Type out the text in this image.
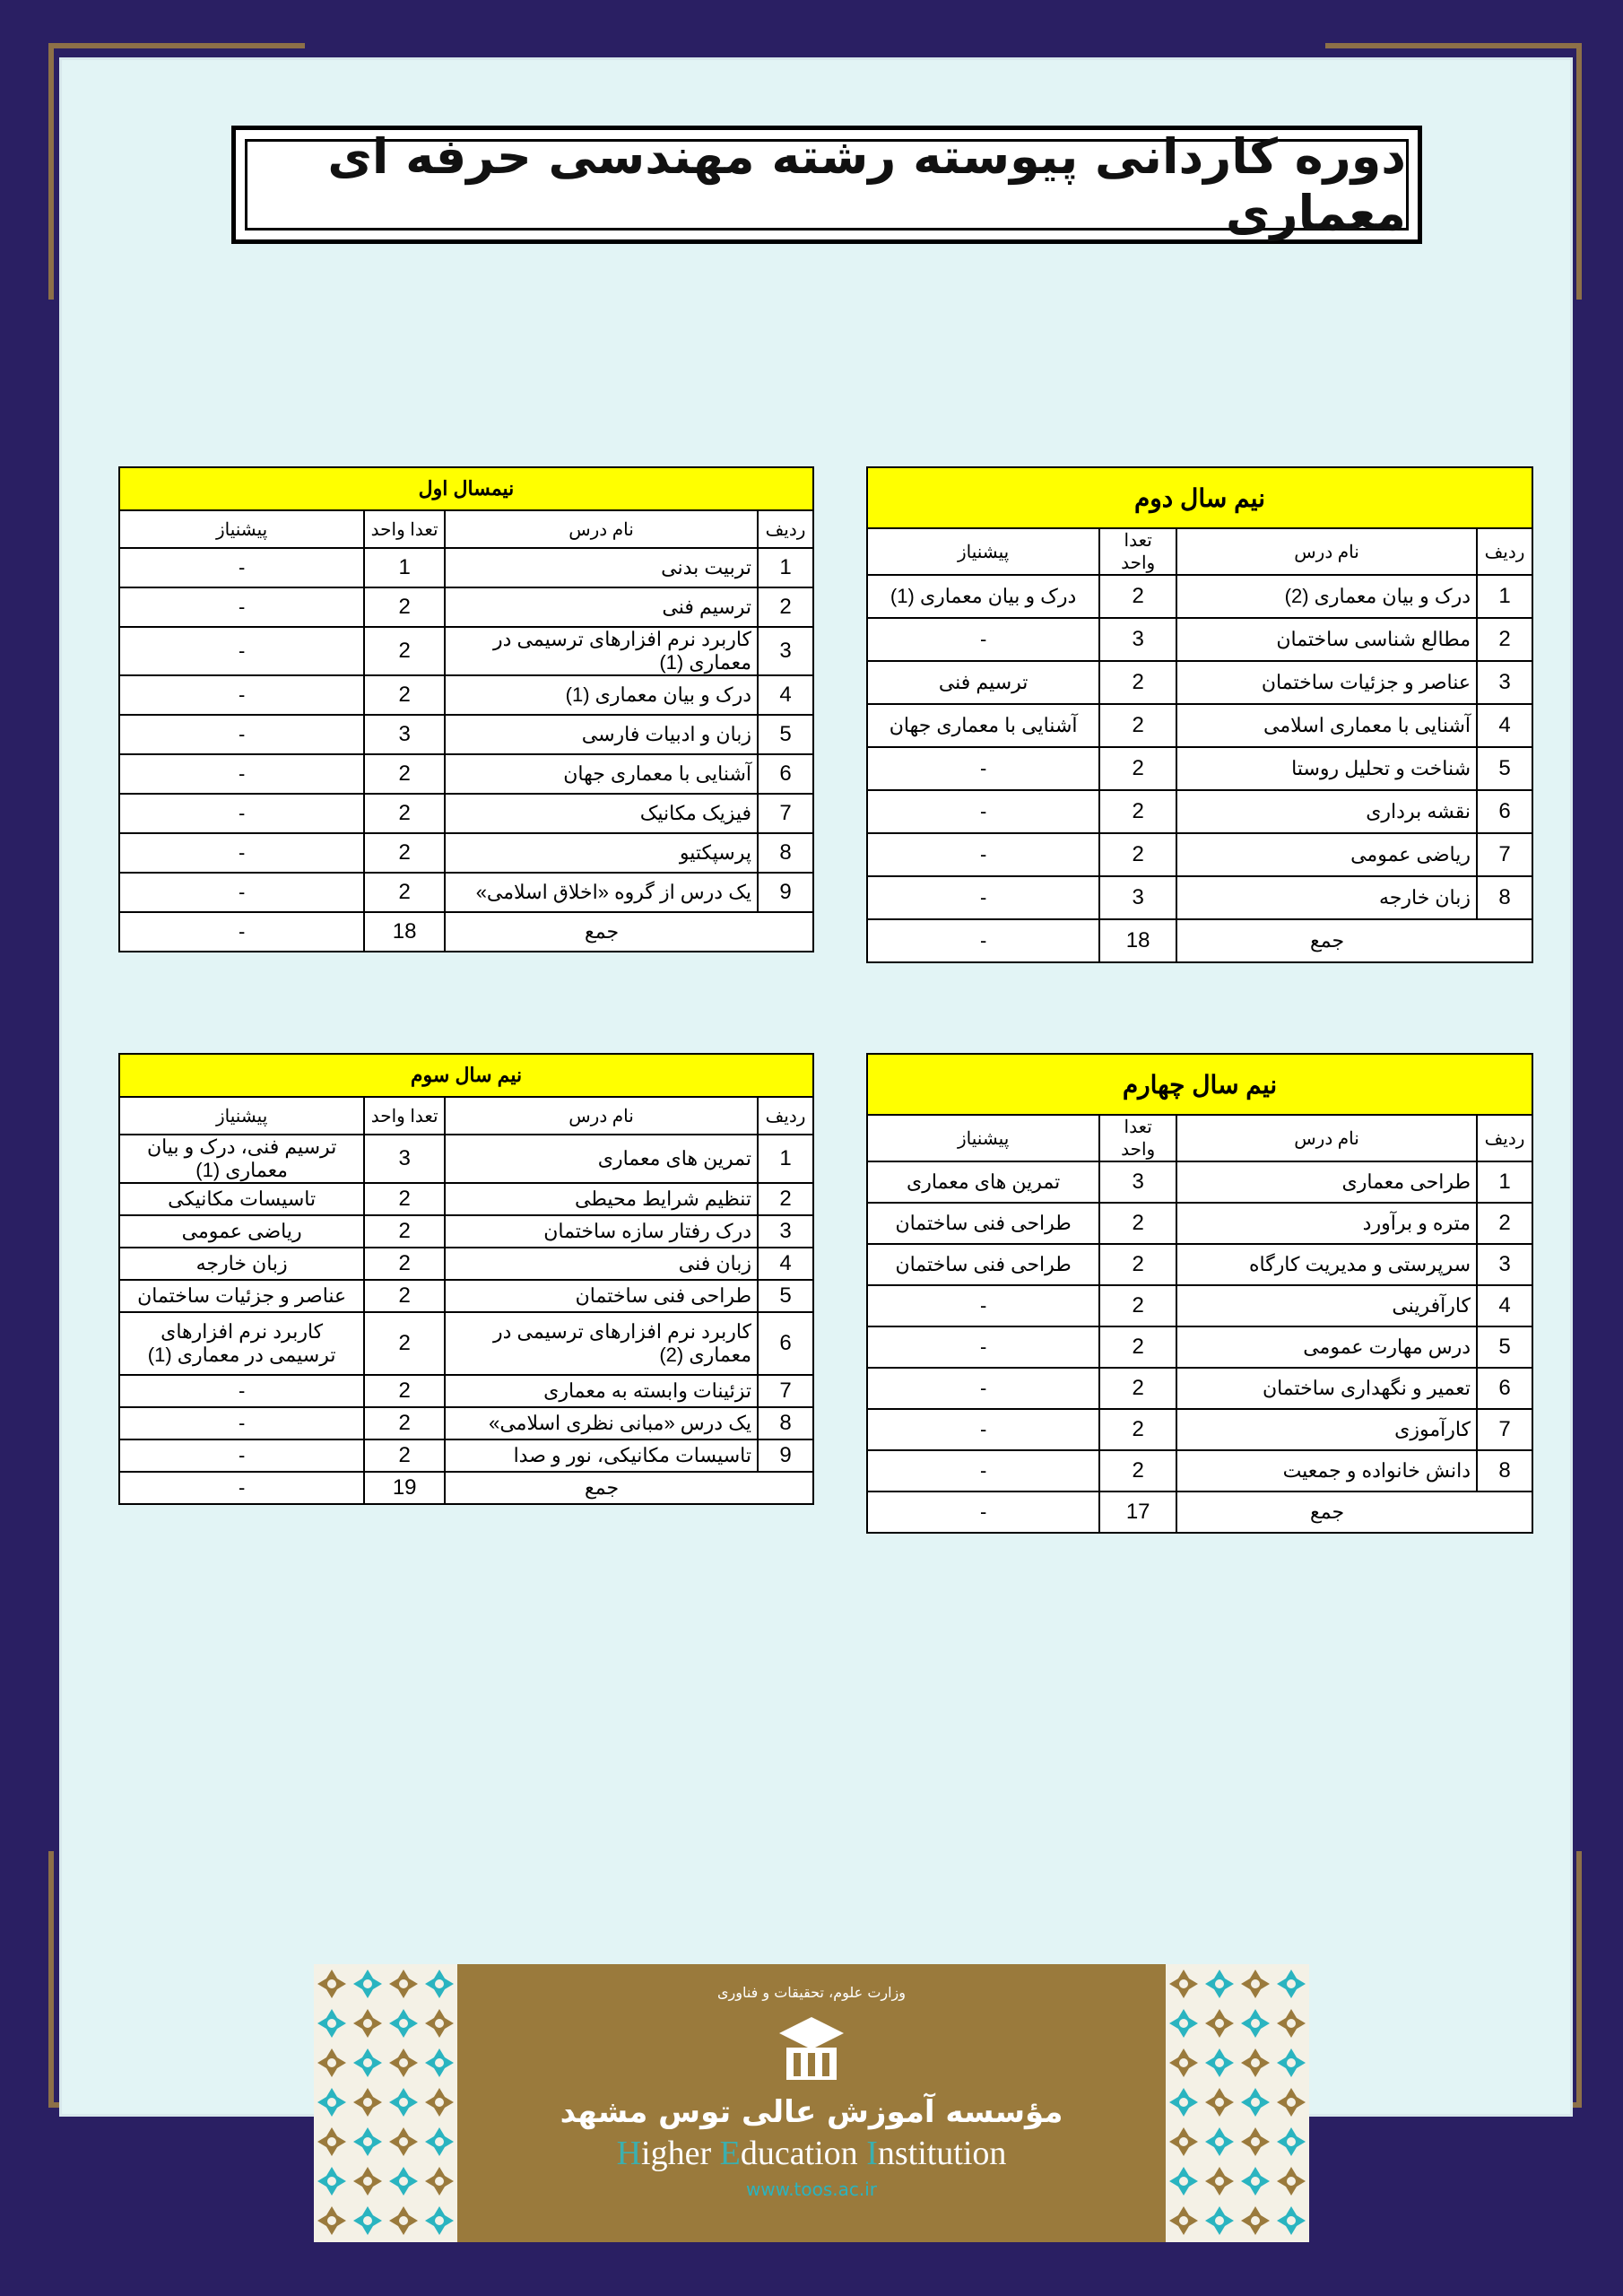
دوره کاردانی پیوسته رشته مهندسی حرفه ای معماری
نیمسال اول			
ردیف	نام درس	تعدا واحد	پیشنیاز
1	تربیت بدنی	1	-
2	ترسیم فنی	2	-
3	کاربرد نرم افزارهای ترسیمی در معماری (1)	2	-
4	درک و بیان معماری (1)	2	-
5	زبان و ادبیات فارسی	3	-
6	آشنایی با معماری جهان	2	-
7	فیزیک مکانیک	2	-
8	پرسپکتیو	2	-
9	یک درس از گروه «اخلاق اسلامی»	2	-
	جمع	18	-
نیم سال دوم			
ردیف	نام درس	تعدا واحد	پیشنیاز
1	درک و بیان معماری (2)	2	درک و بیان معماری (1)
2	مطالع شناسی ساختمان	3	-
3	عناصر و جزئیات ساختمان	2	ترسیم فنی
4	آشنایی با معماری اسلامی	2	آشنایی با معماری جهان
5	شناخت و تحلیل روستا	2	-
6	نقشه برداری	2	-
7	ریاضی عمومی	2	-
8	زبان خارجه	3	-
	جمع	18	-
نیم سال سوم			
ردیف	نام درس	تعدا واحد	پیشنیاز
1	تمرین های معماری	3	ترسیم فنی، درک و بیان معماری (1)
2	تنظیم شرایط محیطی	2	تاسیسات مکانیکی
3	درک رفتار سازه ساختمان	2	ریاضی عمومی
4	زبان فنی	2	زبان خارجه
5	طراحی فنی ساختمان	2	عناصر و جزئیات ساختمان
6	کاربرد نرم افزارهای ترسیمی در معماری (2)	2	کاربرد نرم افزارهای ترسیمی در معماری (1)
7	تزئینات وابسته به معماری	2	-
8	یک درس «مبانی نظری اسلامی»	2	-
9	تاسیسات مکانیکی، نور و صدا	2	-
	جمع	19	-
نیم سال چهارم			
ردیف	نام درس	تعدا واحد	پیشنیاز
1	طراحی معماری	3	تمرین های معماری
2	متره و برآورد	2	طراحی فنی ساختمان
3	سرپرستی و مدیریت کارگاه	2	طراحی فنی ساختمان
4	کارآفرینی	2	-
5	درس مهارت عمومی	2	-
6	تعمیر و نگهداری ساختمان	2	-
7	کارآموزی	2	-
8	دانش خانواده و جمعیت	2	-
	جمع	17	-
وزارت علوم، تحقیقات و فناوری
مؤسسه آموزش عالی توس مشهد
Higher Education Institution
www.toos.ac.ir
